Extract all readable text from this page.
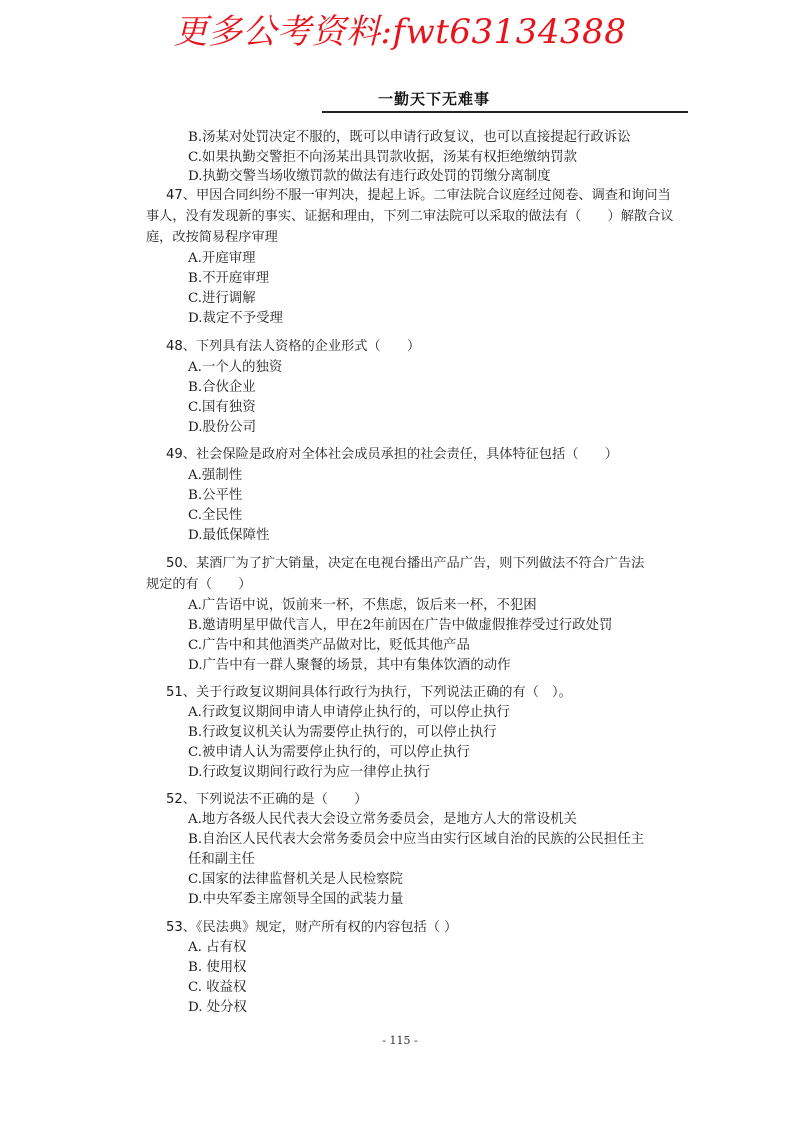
更多公考资料:fwt63134388
一勤天下无难事
B.汤某对处罚决定不服的，既可以申请行政复议，也可以直接提起行政诉讼
C.如果执勤交警拒不向汤某出具罚款收据，汤某有权拒绝缴纳罚款
D.执勤交警当场收缴罚款的做法有违行政处罚的罚缴分离制度
47、甲因合同纠纷不服一审判决，提起上诉。二审法院合议庭经过阅卷、调查和询问当
事人，没有发现新的事实、证据和理由，下列二审法院可以采取的做法有（　　）解散合议
庭，改按简易程序审理
A.开庭审理
B.不开庭审理
C.进行调解
D.裁定不予受理
48、下列具有法人资格的企业形式（　　）
A.一个人的独资
B.合伙企业
C.国有独资
D.股份公司
49、社会保险是政府对全体社会成员承担的社会责任，具体特征包括（　　）
A.强制性
B.公平性
C.全民性
D.最低保障性
50、某酒厂为了扩大销量，决定在电视台播出产品广告，则下列做法不符合广告法
规定的有（　　）
A.广告语中说，饭前来一杯，不焦虑，饭后来一杯，不犯困
B.邀请明星甲做代言人，甲在2年前因在广告中做虚假推荐受过行政处罚
C.广告中和其他酒类产品做对比，贬低其他产品
D.广告中有一群人聚餐的场景，其中有集体饮酒的动作
51、关于行政复议期间具体行政行为执行，下列说法正确的有（　）。
A.行政复议期间申请人申请停止执行的，可以停止执行
B.行政复议机关认为需要停止执行的，可以停止执行
C.被申请人认为需要停止执行的，可以停止执行
D.行政复议期间行政行为应一律停止执行
52、下列说法不正确的是（　　）
A.地方各级人民代表大会设立常务委员会，是地方人大的常设机关
B.自治区人民代表大会常务委员会中应当由实行区域自治的民族的公民担任主
任和副主任
C.国家的法律监督机关是人民检察院
D.中央军委主席领导全国的武装力量
53、《民法典》规定，财产所有权的内容包括（ ）
A. 占有权
B. 使用权
C. 收益权
D. 处分权
- 115 -
